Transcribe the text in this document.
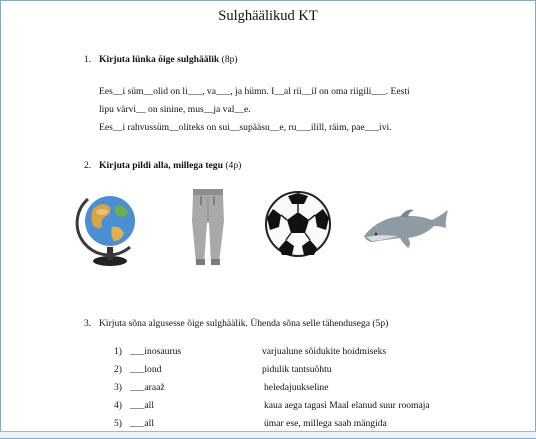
Sulghäälikud KT
1. Kirjuta lünka õige sulghäälik (8p)
Ees__i süm__olid on li___, va___, ja hümn. I__al rii__il on oma riigili___. Eesti
lipu värvi__ on sinine, mus__ja val__e.
Ees__i rahvussüm__oliteks on sui__supääsu__e, ru___ilill, räim, pae___ivi.
2. Kirjuta pildi alla, millega tegu (4p)
3. Kirjuta sõna algusesse õige sulghäälik. Ühenda sõna selle tähendusega (5p)
1) ___inosaurus	varjualune sõidukite hoidmiseks
2) ___lond	pidulik tantsuõhtu
3) ___araaž	heledajuukseline
4) ___all	kaua aega tagasi Maal elanud suur roomaja
5) ___all	ümar ese, millega saab mängida
